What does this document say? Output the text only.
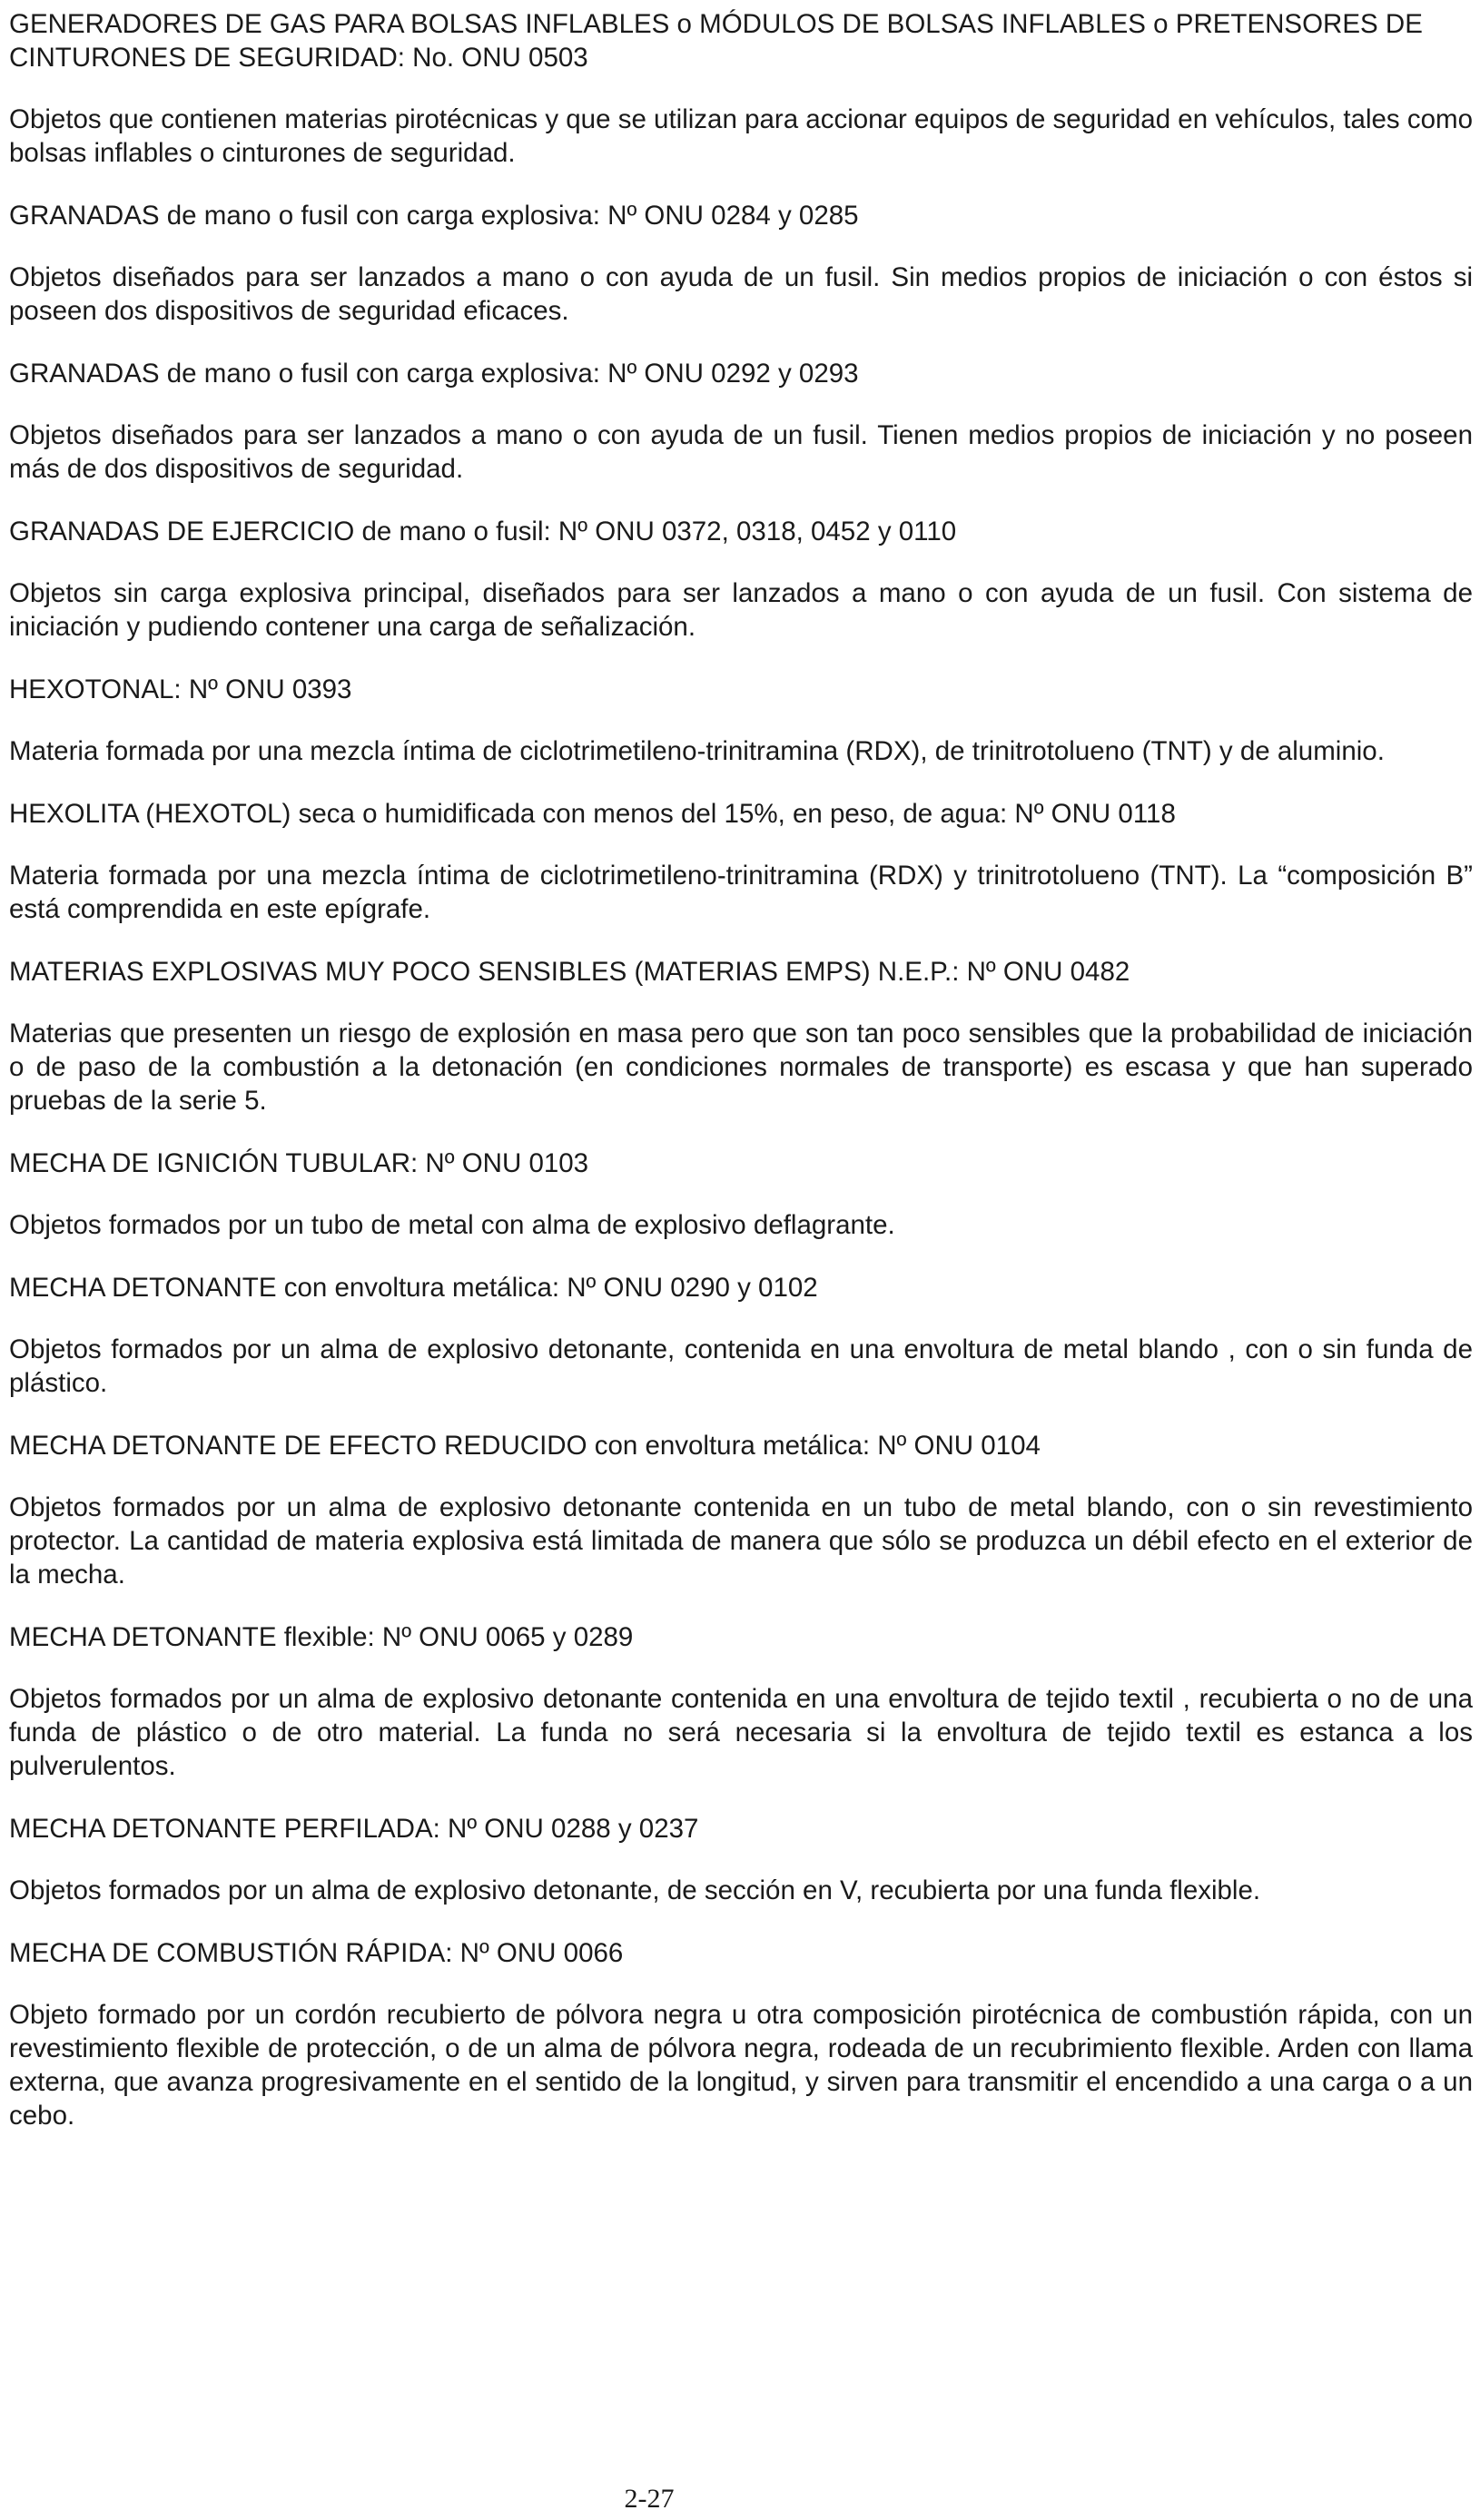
GENERADORES DE GAS PARA BOLSAS INFLABLES o MÓDULOS DE BOLSAS INFLABLES o PRETENSORES DE CINTURONES DE SEGURIDAD: No. ONU 0503

Objetos que contienen materias pirotécnicas y que se utilizan para accionar equipos de seguridad en vehículos, tales como bolsas inflables o cinturones de seguridad.

GRANADAS de mano o fusil con carga explosiva: Nº ONU 0284 y 0285

Objetos diseñados para ser lanzados a mano o con ayuda de un fusil. Sin medios propios de iniciación o con éstos si poseen dos dispositivos de seguridad eficaces.

GRANADAS de mano o fusil con carga explosiva: Nº ONU 0292 y 0293

Objetos diseñados para ser lanzados a mano o con ayuda de un fusil. Tienen medios propios de iniciación y no poseen más de dos dispositivos de seguridad.

GRANADAS DE EJERCICIO de mano o fusil: Nº ONU 0372, 0318, 0452 y 0110

Objetos sin carga explosiva principal, diseñados para ser lanzados a mano o con ayuda de un fusil. Con sistema de iniciación y pudiendo contener una carga de señalización.

HEXOTONAL: Nº ONU 0393

Materia formada por una mezcla íntima de ciclotrimetileno-trinitramina (RDX), de trinitrotolueno (TNT) y de aluminio.

HEXOLITA (HEXOTOL) seca o humidificada con menos del 15%, en peso, de agua: Nº ONU 0118

Materia formada por una mezcla íntima de ciclotrimetileno-trinitramina (RDX) y trinitrotolueno (TNT). La “composición B” está comprendida en este epígrafe.

MATERIAS EXPLOSIVAS MUY POCO SENSIBLES (MATERIAS EMPS) N.E.P.: Nº ONU 0482

Materias que presenten un riesgo de explosión en masa pero que son tan poco sensibles que la probabilidad de iniciación o de paso de la combustión a la detonación (en condiciones normales de transporte) es escasa y que han superado pruebas de la serie 5.

MECHA DE IGNICIÓN TUBULAR: Nº ONU 0103

Objetos formados por un tubo de metal con alma de explosivo deflagrante.

MECHA DETONANTE con envoltura metálica: Nº ONU 0290 y 0102

Objetos formados por un alma de explosivo detonante, contenida en una envoltura de metal blando , con o sin funda de plástico.

MECHA DETONANTE DE EFECTO REDUCIDO con envoltura metálica: Nº ONU 0104

Objetos formados por un alma de explosivo detonante contenida en un tubo de metal blando, con o sin revestimiento protector. La cantidad de materia explosiva está limitada de manera que sólo se produzca un débil efecto en el exterior de la mecha.

MECHA DETONANTE flexible: Nº ONU 0065 y 0289

Objetos formados por un alma de explosivo detonante contenida en una envoltura de tejido textil , recubierta o no de una funda de plástico o de otro material. La funda no será necesaria si la envoltura de tejido textil es estanca a los pulverulentos.

MECHA DETONANTE PERFILADA: Nº ONU 0288 y 0237

Objetos formados por un alma de explosivo detonante, de sección en V, recubierta por una funda flexible.

MECHA DE COMBUSTIÓN RÁPIDA: Nº ONU 0066

Objeto formado por un cordón recubierto de pólvora negra u otra composición pirotécnica de combustión rápida, con un revestimiento flexible de protección, o de un alma de pólvora negra, rodeada de un recubrimiento flexible. Arden con llama externa, que avanza progresivamente en el sentido de la longitud, y sirven para transmitir el encendido a una carga o a un cebo.

2-27
